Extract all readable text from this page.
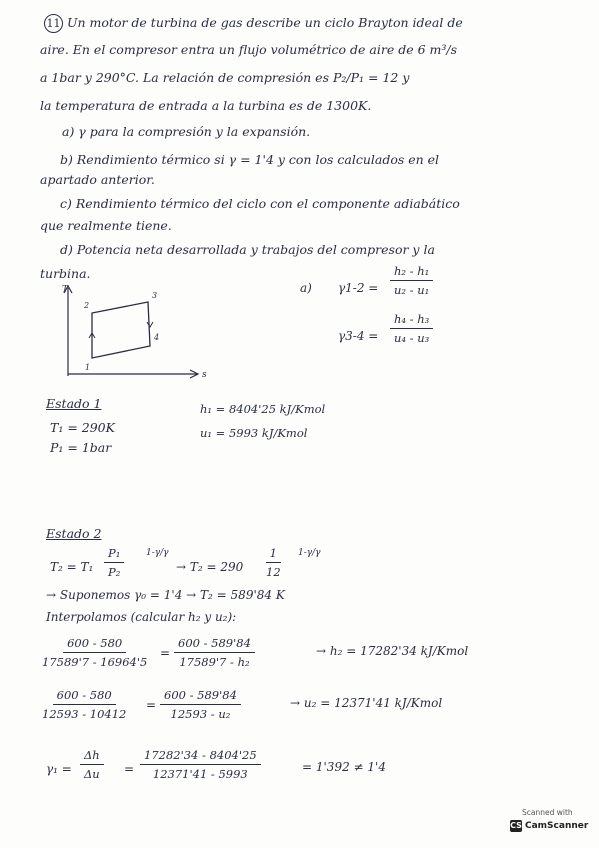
11 Un motor de turbina de gas describe un ciclo Brayton ideal de
aire. En el compresor entra un flujo volumétrico de aire de 6 m³/s
a 1bar y 290°C. La relación de compresión es P₂/P₁ = 12 y
la temperatura de entrada a la turbina es de 1300K.
a) γ para la compresión y la expansión.
b) Rendimiento térmico si γ = 1'4 y con los calculados en el
apartado anterior.
c) Rendimiento térmico del ciclo con el componente adiabático
que realmente tiene.
d) Potencia neta desarrollada y trabajos del compresor y la
turbina.
T
s
1
2
3
4
a) $\gamma 1-2 = \frac{\text{h₂ - h₁}}{\text{u₂ - u₁}}$
$\gamma 3-4 = \frac{\text{h₄ - h₃}}{\text{u₄ - u₃}}$
Estado 1
T₁ = 290K
P₁ = 1bar
h₁ = 8404'25 kJ/Kmol
u₁ = 5993 kJ/Kmol
Estado 2
$T_2 = T_1 \frac{\text{P₁}}{\text{P₂}} 1-\gamma/\gamma$
→ $T_2 = 290 \frac{1}{12} 1-\gamma/\gamma$
→ Suponemos γ₀ = 1'4 → T₂ = 589'84 K
Interpolamos (calcular h₂ y u₂):
$\frac{600 - 580}{17589'7 - 16964'5} = \frac{600 - 589'84}{\text{17589'7 - h₂}}$	→ h₂ = 17282'34 kJ/Kmol
$\frac{600 - 580}{12593 - 10412} = \frac{600 - 589'84}{\text{12593 - u₂}}$	→ u₂ = 12371'41 kJ/Kmol
$\gamma_1 = \frac{\Delta h}{\Delta u} = \frac{17282'34 - 8404'25}{12371'41 - 5993}$	= 1'392 ≠ 1'4
Scanned with
CS CamScanner
